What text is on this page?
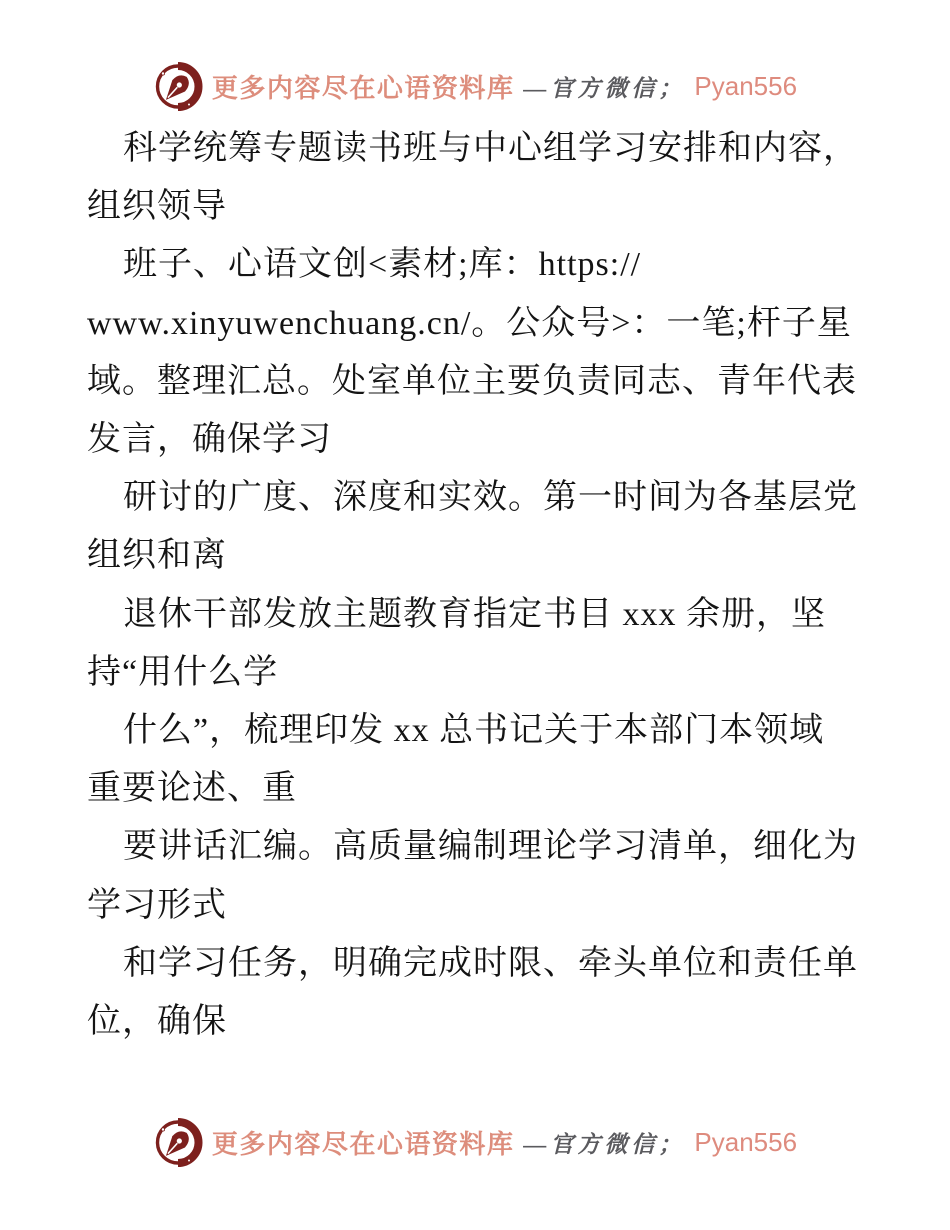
更多内容尽在心语资料库 —官方微信； Pyan556
科学统筹专题读书班与中心组学习安排和内容，
组织领导
班子、心语文创<素材;库：https://
www.xinyuwenchuang.cn/。公众号>：一笔;杆子星
域。整理汇总。处室单位主要负责同志、青年代表
发言，确保学习
研讨的广度、深度和实效。第一时间为各基层党
组织和离
退休干部发放主题教育指定书目 xxx 余册，坚
持“用什么学
什么”，梳理印发 xx 总书记关于本部门本领域
重要论述、重
要讲话汇编。高质量编制理论学习清单，细化为
学习形式
和学习任务，明确完成时限、牵头单位和责任单
位，确保
更多内容尽在心语资料库 —官方微信； Pyan556
